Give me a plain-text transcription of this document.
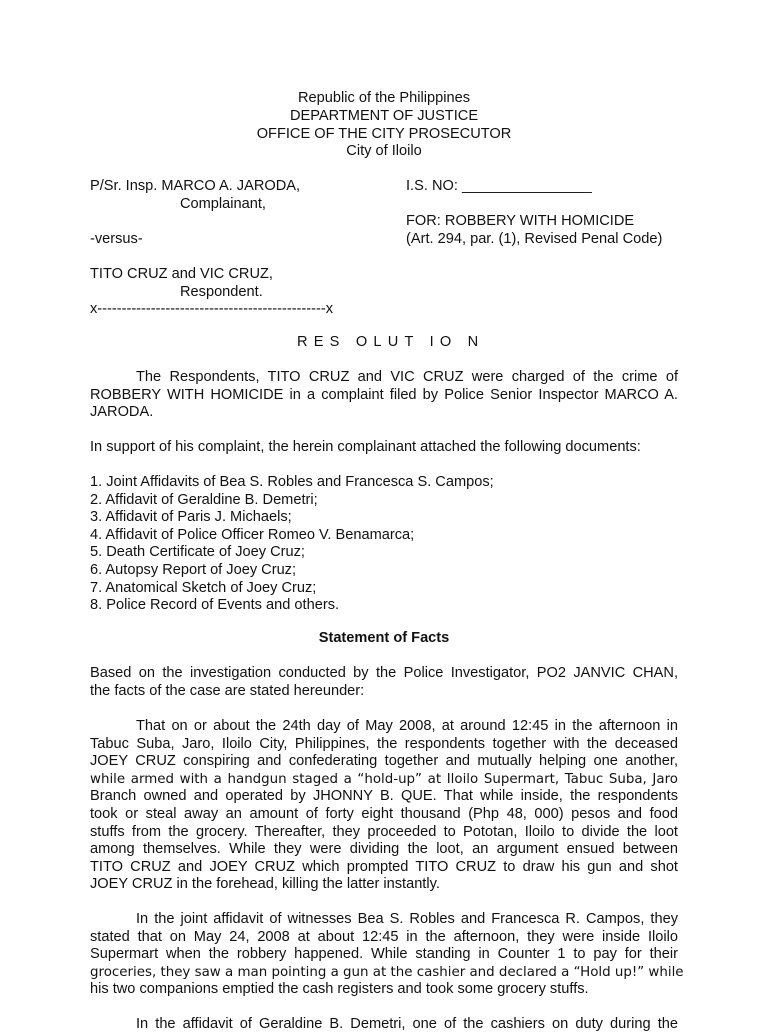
Republic of the Philippines
DEPARTMENT OF JUSTICE
OFFICE OF THE CITY PROSECUTOR
City of Iloilo
P/Sr. Insp. MARCO A. JARODA,
Complainant,
-versus-
TITO CRUZ and VIC CRUZ,
Respondent.
x-----------------------------------------------x
I.S. NO: ________________
FOR: ROBBERY WITH HOMICIDE
(Art. 294, par. (1), Revised Penal Code)
RES OLUT IO N
The Respondents, TITO CRUZ and VIC CRUZ were charged of the crime of
ROBBERY WITH HOMICIDE in a complaint filed by Police Senior Inspector MARCO A.
JARODA.
In support of his complaint, the herein complainant attached the following documents:
1. Joint Affidavits of Bea S. Robles and Francesca S. Campos;
2. Affidavit of Geraldine B. Demetri;
3. Affidavit of Paris J. Michaels;
4. Affidavit of Police Officer Romeo V. Benamarca;
5. Death Certificate of Joey Cruz;
6. Autopsy Report of Joey Cruz;
7. Anatomical Sketch of Joey Cruz;
8. Police Record of Events and others.
Statement of Facts
Based on the investigation conducted by the Police Investigator, PO2 JANVIC CHAN,
the facts of the case are stated hereunder:
That on or about the 24th day of May 2008, at around 12:45 in the afternoon in
Tabuc Suba, Jaro, Iloilo City, Philippines, the respondents together with the deceased
JOEY CRUZ conspiring and confederating together and mutually helping one another,
while armed with a handgun staged a “hold-up” at Iloilo Supermart, Tabuc Suba, Jaro
Branch owned and operated by JHONNY B. QUE. That while inside, the respondents
took or steal away an amount of forty eight thousand (Php 48, 000) pesos and food
stuffs from the grocery. Thereafter, they proceeded to Pototan, Iloilo to divide the loot
among themselves. While they were dividing the loot, an argument ensued between
TITO CRUZ and JOEY CRUZ which prompted TITO CRUZ to draw his gun and shot
JOEY CRUZ in the forehead, killing the latter instantly.
In the joint affidavit of witnesses Bea S. Robles and Francesca R. Campos, they
stated that on May 24, 2008 at about 12:45 in the afternoon, they were inside Iloilo
Supermart when the robbery happened. While standing in Counter 1 to pay for their
groceries, they saw a man pointing a gun at the cashier and declared a “Hold up!” while
his two companions emptied the cash registers and took some grocery stuffs.
In the affidavit of Geraldine B. Demetri, one of the cashiers on duty during the
